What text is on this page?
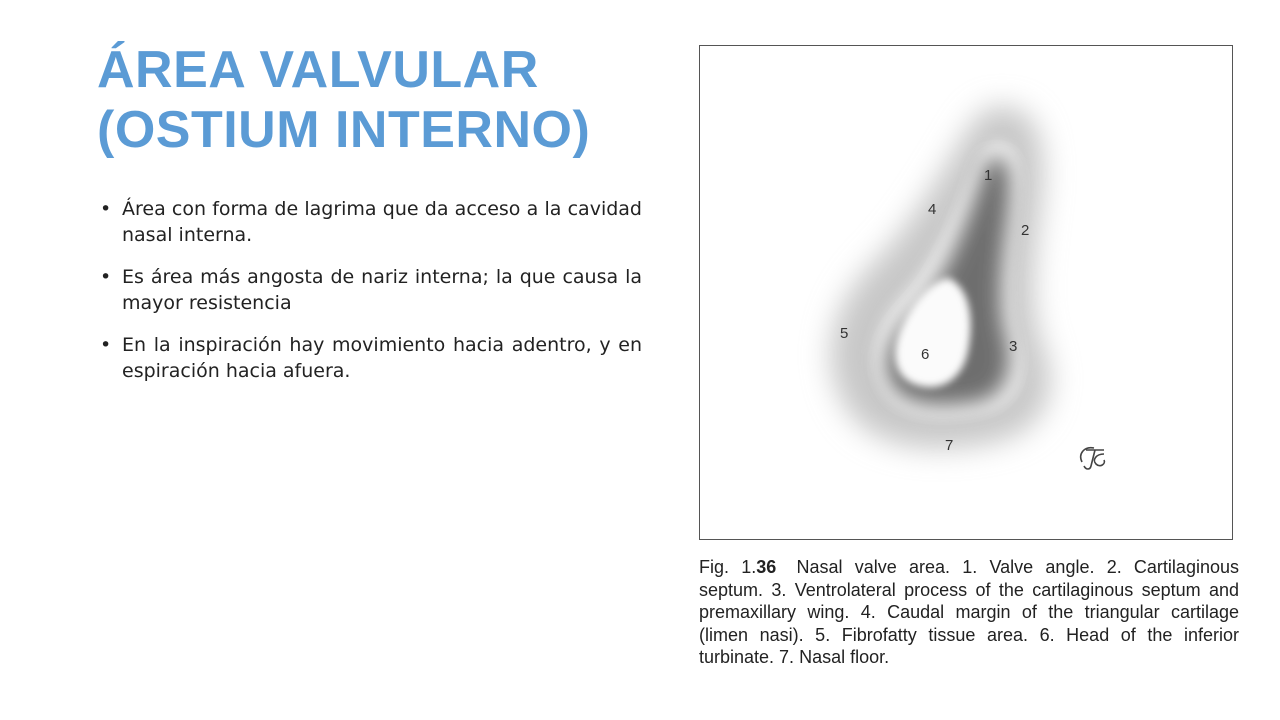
ÁREA VALVULAR
(OSTIUM INTERNO)
• Área con forma de lagrima que da acceso a la cavidad nasal interna.
• Es área más angosta de nariz interna; la que causa la mayor resistencia
• En la inspiración hay movimiento hacia adentro, y en espiración hacia afuera.
1
2
3
4
5
6
7
Fig. 1.36 Nasal valve area. 1. Valve angle. 2. Cartilaginous septum. 3. Ventrolateral process of the cartilaginous septum and premaxillary wing. 4. Caudal margin of the triangular cartilage (limen nasi). 5. Fibrofatty tissue area. 6. Head of the inferior turbinate. 7. Nasal floor.
